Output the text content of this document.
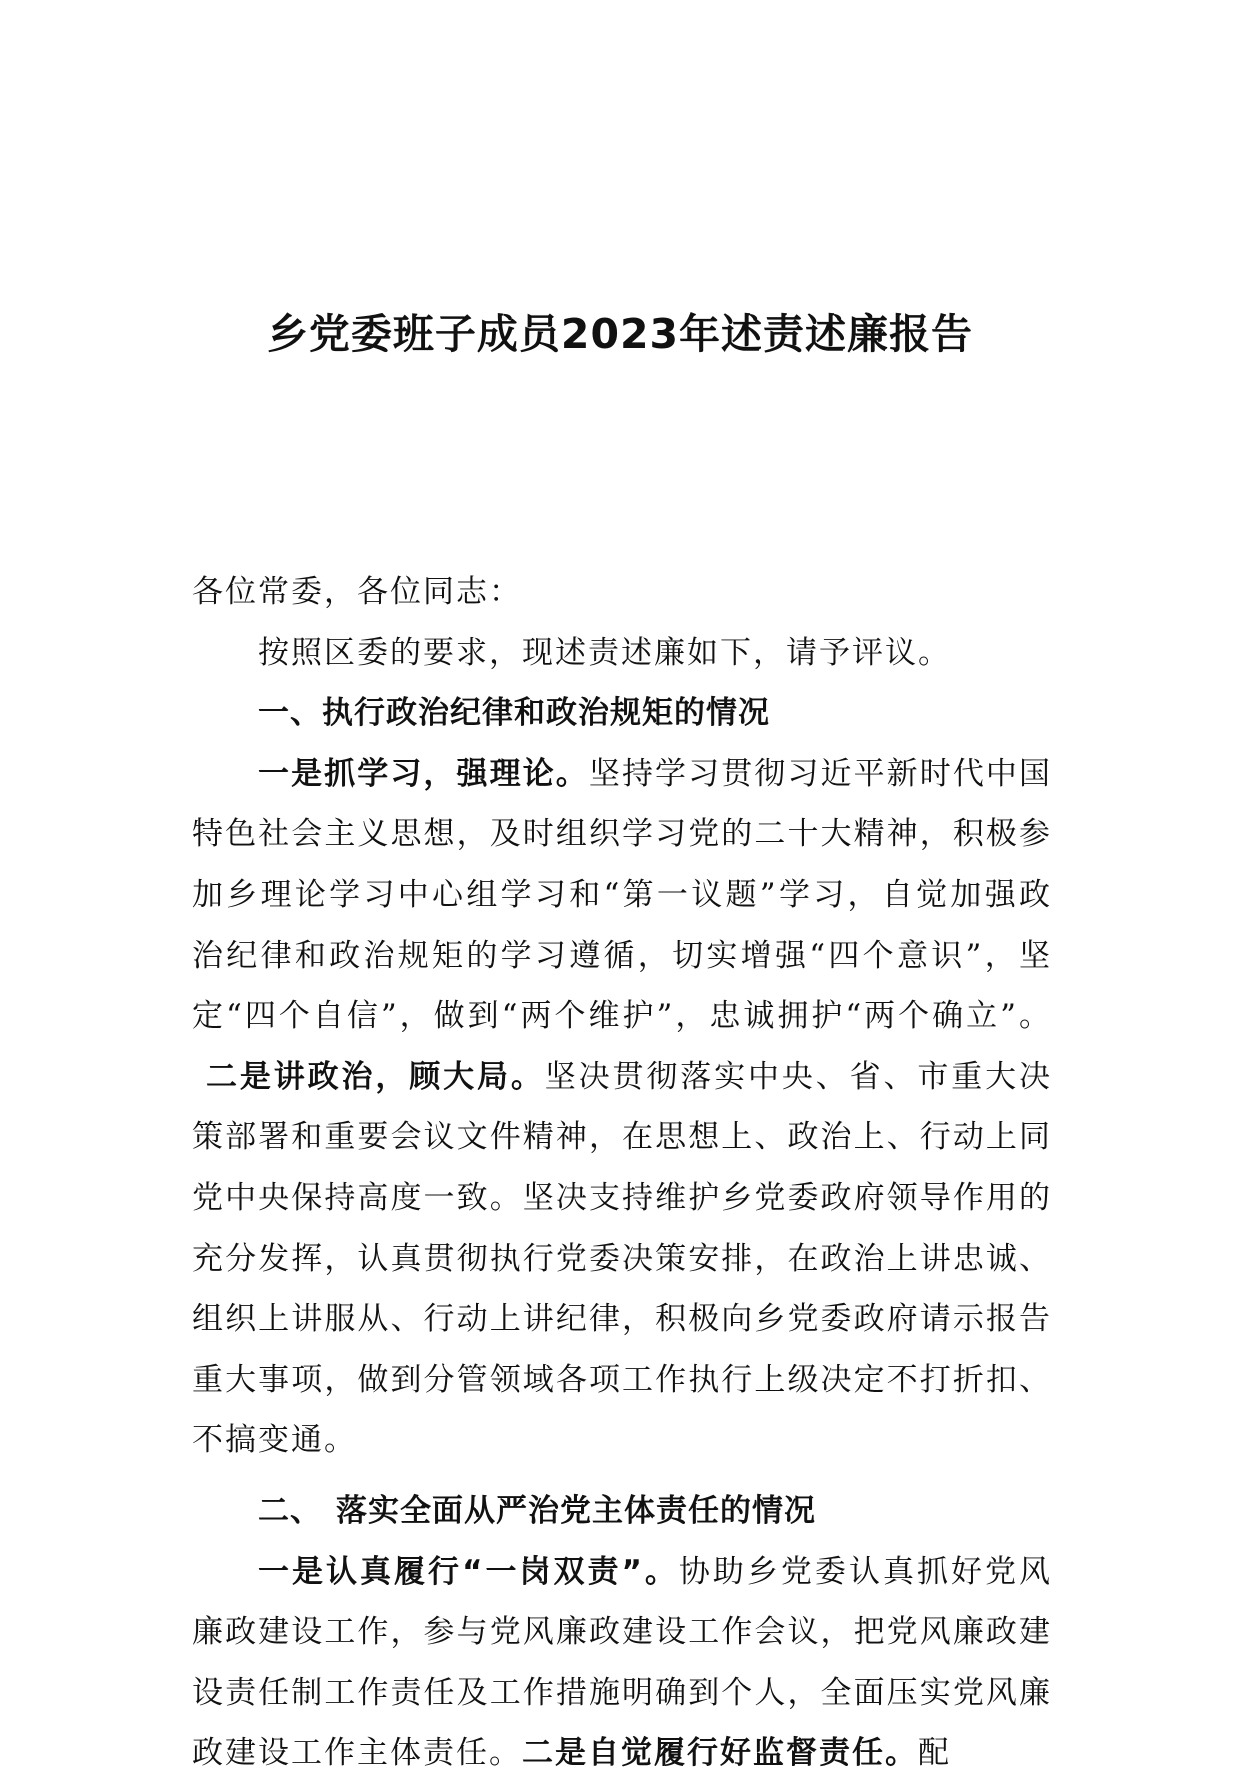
乡党委班子成员2023年述责述廉报告

各位常委，各位同志：

按照区委的要求，现述责述廉如下，请予评议。

一、执行政治纪律和政治规矩的情况

一是抓学习，强理论。坚持学习贯彻习近平新时代中国特色社会主义思想，及时组织学习党的二十大精神，积极参加乡理论学习中心组学习和“第一议题”学习，自觉加强政治纪律和政治规矩的学习遵循，切实增强“四个意识”，坚定“四个自信”，做到“两个维护”，忠诚拥护“两个确立”。二是讲政治，顾大局。坚决贯彻落实中央、省、市重大决策部署和重要会议文件精神，在思想上、政治上、行动上同党中央保持高度一致。坚决支持维护乡党委政府领导作用的充分发挥，认真贯彻执行党委决策安排，在政治上讲忠诚、组织上讲服从、行动上讲纪律，积极向乡党委政府请示报告重大事项，做到分管领域各项工作执行上级决定不打折扣、不搞变通。

二、 落实全面从严治党主体责任的情况

一是认真履行“一岗双责”。协助乡党委认真抓好党风廉政建设工作，参与党风廉政建设工作会议，把党风廉政建设责任制工作责任及工作措施明确到个人，全面压实党风廉政建设工作主体责任。二是自觉履行好监督责任。配
